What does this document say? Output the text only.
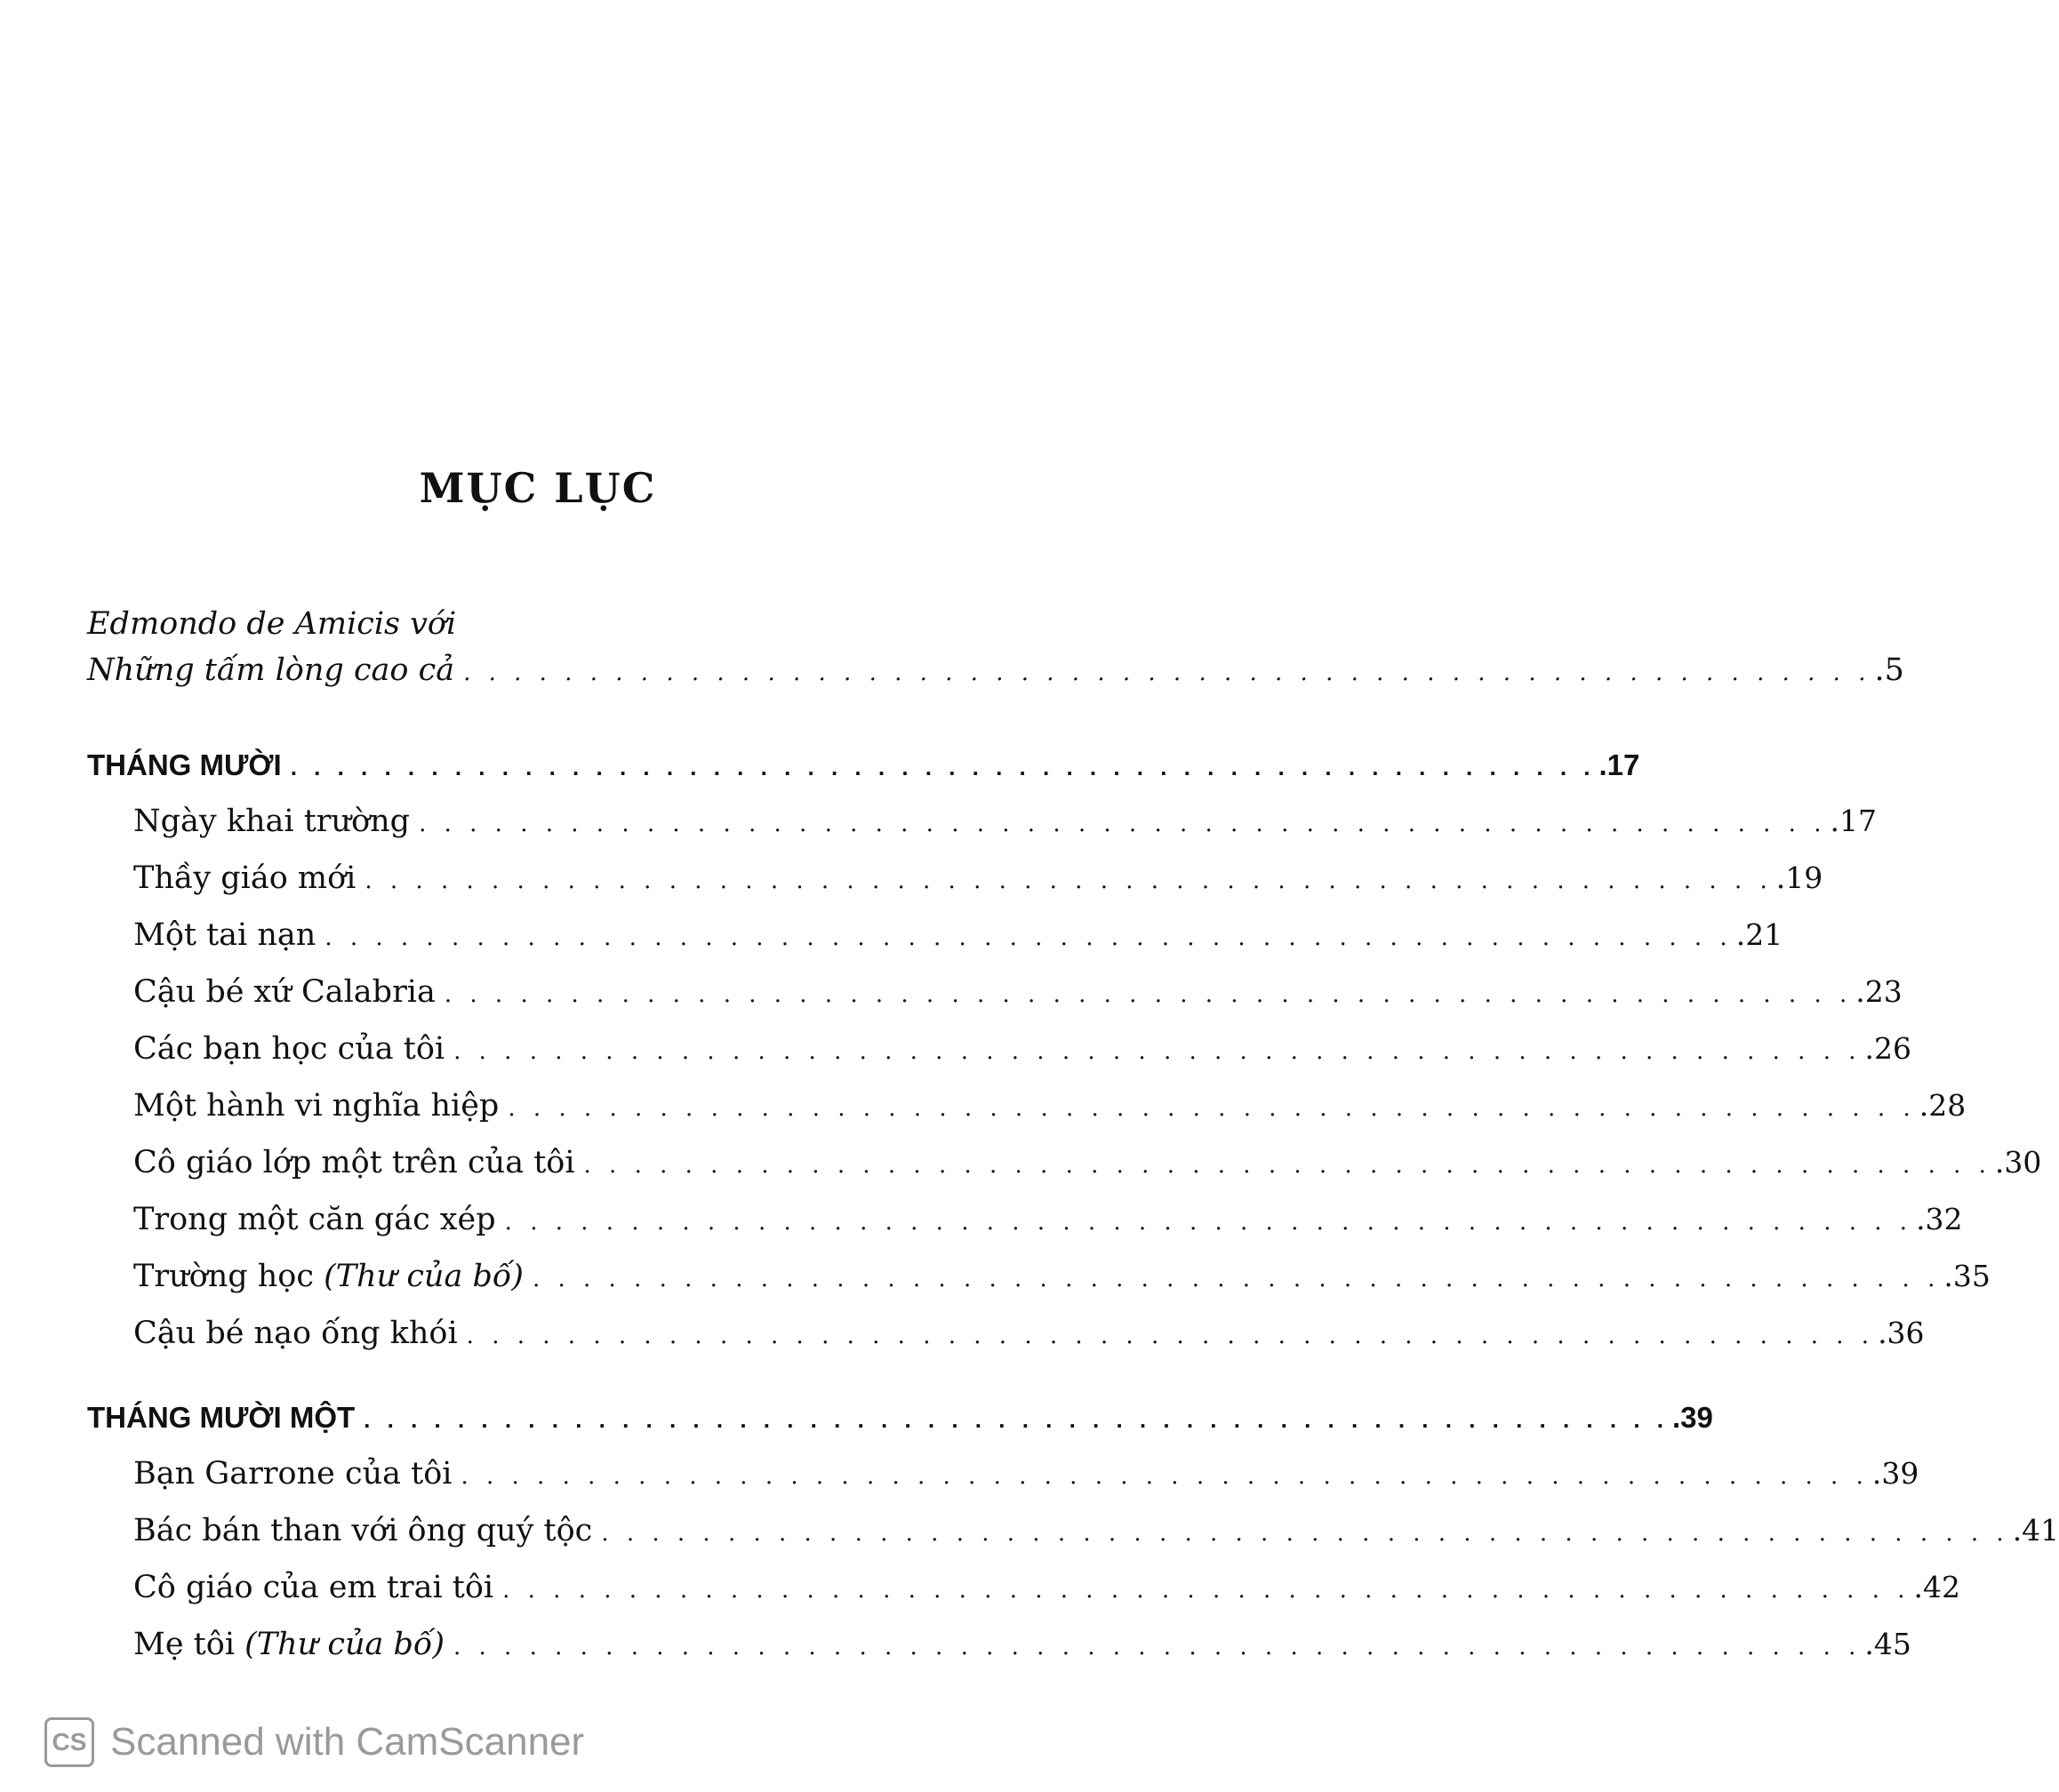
MỤC LỤC
Edmondo de Amicis với
Những tấm lòng cao cả . . . . . . . . . . . . . . . . . . . . . . . . . . . . . . . . . . . . . . . . . . . . . . . . . . . . . . . . .5
THÁNG MƯỜI . . . . . . . . . . . . . . . . . . . . . . . . . . . . . . . . . . . . . . . . . . . . . . . . . . . . . . . . .17
Ngày khai trường . . . . . . . . . . . . . . . . . . . . . . . . . . . . . . . . . . . . . . . . . . . . . . . . . . . . . . . . .17
Thầy giáo mới . . . . . . . . . . . . . . . . . . . . . . . . . . . . . . . . . . . . . . . . . . . . . . . . . . . . . . . . .19
Một tai nạn . . . . . . . . . . . . . . . . . . . . . . . . . . . . . . . . . . . . . . . . . . . . . . . . . . . . . . . . .21
Cậu bé xứ Calabria . . . . . . . . . . . . . . . . . . . . . . . . . . . . . . . . . . . . . . . . . . . . . . . . . . . . . . . . .23
Các bạn học của tôi . . . . . . . . . . . . . . . . . . . . . . . . . . . . . . . . . . . . . . . . . . . . . . . . . . . . . . . . .26
Một hành vi nghĩa hiệp . . . . . . . . . . . . . . . . . . . . . . . . . . . . . . . . . . . . . . . . . . . . . . . . . . . . . . . . .28
Cô giáo lớp một trên của tôi . . . . . . . . . . . . . . . . . . . . . . . . . . . . . . . . . . . . . . . . . . . . . . . . . . . . . . . . .30
Trong một căn gác xép . . . . . . . . . . . . . . . . . . . . . . . . . . . . . . . . . . . . . . . . . . . . . . . . . . . . . . . . .32
Trường học (Thư của bố) . . . . . . . . . . . . . . . . . . . . . . . . . . . . . . . . . . . . . . . . . . . . . . . . . . . . . . . . .35
Cậu bé nạo ống khói . . . . . . . . . . . . . . . . . . . . . . . . . . . . . . . . . . . . . . . . . . . . . . . . . . . . . . . . .36
THÁNG MƯỜI MỘT . . . . . . . . . . . . . . . . . . . . . . . . . . . . . . . . . . . . . . . . . . . . . . . . . . . . . . . . .39
Bạn Garrone của tôi . . . . . . . . . . . . . . . . . . . . . . . . . . . . . . . . . . . . . . . . . . . . . . . . . . . . . . . . .39
Bác bán than với ông quý tộc . . . . . . . . . . . . . . . . . . . . . . . . . . . . . . . . . . . . . . . . . . . . . . . . . . . . . . . . .41
Cô giáo của em trai tôi . . . . . . . . . . . . . . . . . . . . . . . . . . . . . . . . . . . . . . . . . . . . . . . . . . . . . . . . .42
Mẹ tôi (Thư của bố) . . . . . . . . . . . . . . . . . . . . . . . . . . . . . . . . . . . . . . . . . . . . . . . . . . . . . . . . .45
CS Scanned with CamScanner
